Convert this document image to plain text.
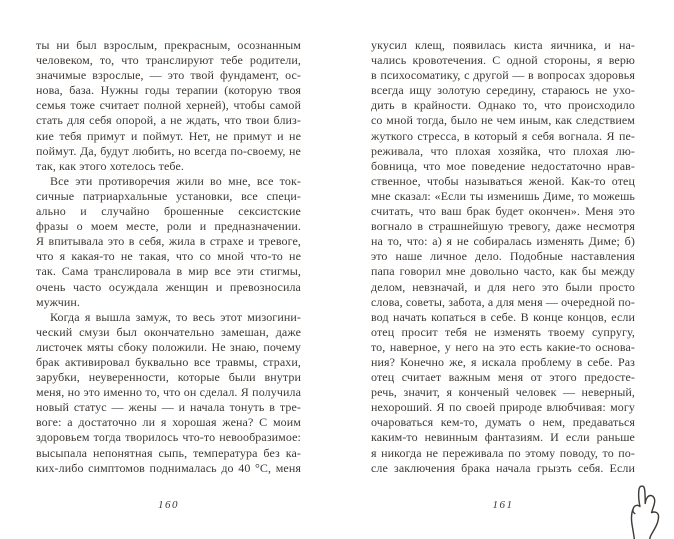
ты ни был взрослым, прекрасным, осознанным
человеком, то, что транслируют тебе родители,
значимые взрослые, — это твой фундамент, ос-
нова, база. Нужны годы терапии (которую твоя
семья тоже считает полной херней), чтобы самой
стать для себя опорой, а не ждать, что твои близ-
кие тебя примут и поймут. Нет, не примут и не
поймут. Да, будут любить, но всегда по-своему, не
так, как этого хотелось тебе.
Все эти противоречия жили во мне, все ток-
сичные патриархальные установки, все специ-
ально и случайно брошенные сексистские
фразы о моем месте, роли и предназначении.
Я впитывала это в себя, жила в страхе и тревоге,
что я какая-то не такая, что со мной что-то не
так. Сама транслировала в мир все эти стигмы,
очень часто осуждала женщин и превозносила
мужчин.
Когда я вышла замуж, то весь этот мизогини-
ческий смузи был окончательно замешан, даже
листочек мяты сбоку положили. Не знаю, почему
брак активировал буквально все травмы, страхи,
зарубки, неуверенности, которые были внутри
меня, но это именно то, что он сделал. Я получила
новый статус — жены — и начала тонуть в тре-
воге: а достаточно ли я хорошая жена? С моим
здоровьем тогда творилось что-то невообразимое:
высыпала непонятная сыпь, температура без ка-
ких-либо симптомов поднималась до 40 °С, меня
укусил клещ, появилась киста яичника, и на-
чались кровотечения. С одной стороны, я верю
в психосоматику, с другой — в вопросах здоровья
всегда ищу золотую середину, стараюсь не ухо-
дить в крайности. Однако то, что происходило
со мной тогда, было не чем иным, как следствием
жуткого стресса, в который я себя вогнала. Я пе-
реживала, что плохая хозяйка, что плохая лю-
бовница, что мое поведение недостаточно нрав-
ственное, чтобы называться женой. Как-то отец
мне сказал: «Если ты изменишь Диме, то можешь
считать, что ваш брак будет окончен». Меня это
вогнало в страшнейшую тревогу, даже несмотря
на то, что: а) я не собиралась изменять Диме; б)
это наше личное дело. Подобные наставления
папа говорил мне довольно часто, как бы между
делом, невзначай, и для него это были просто
слова, советы, забота, а для меня — очередной по-
вод начать копаться в себе. В конце концов, если
отец просит тебя не изменять твоему супругу,
то, наверное, у него на это есть какие-то основа-
ния? Конечно же, я искала проблему в себе. Раз
отец считает важным меня от этого предосте-
речь, значит, я конченый человек — неверный,
нехороший. Я по своей природе влюбчивая: могу
очароваться кем-то, думать о нем, предаваться
каким-то невинным фантазиям. И если раньше
я никогда не переживала по этому поводу, то по-
сле заключения брака начала грызть себя. Если
160	161
